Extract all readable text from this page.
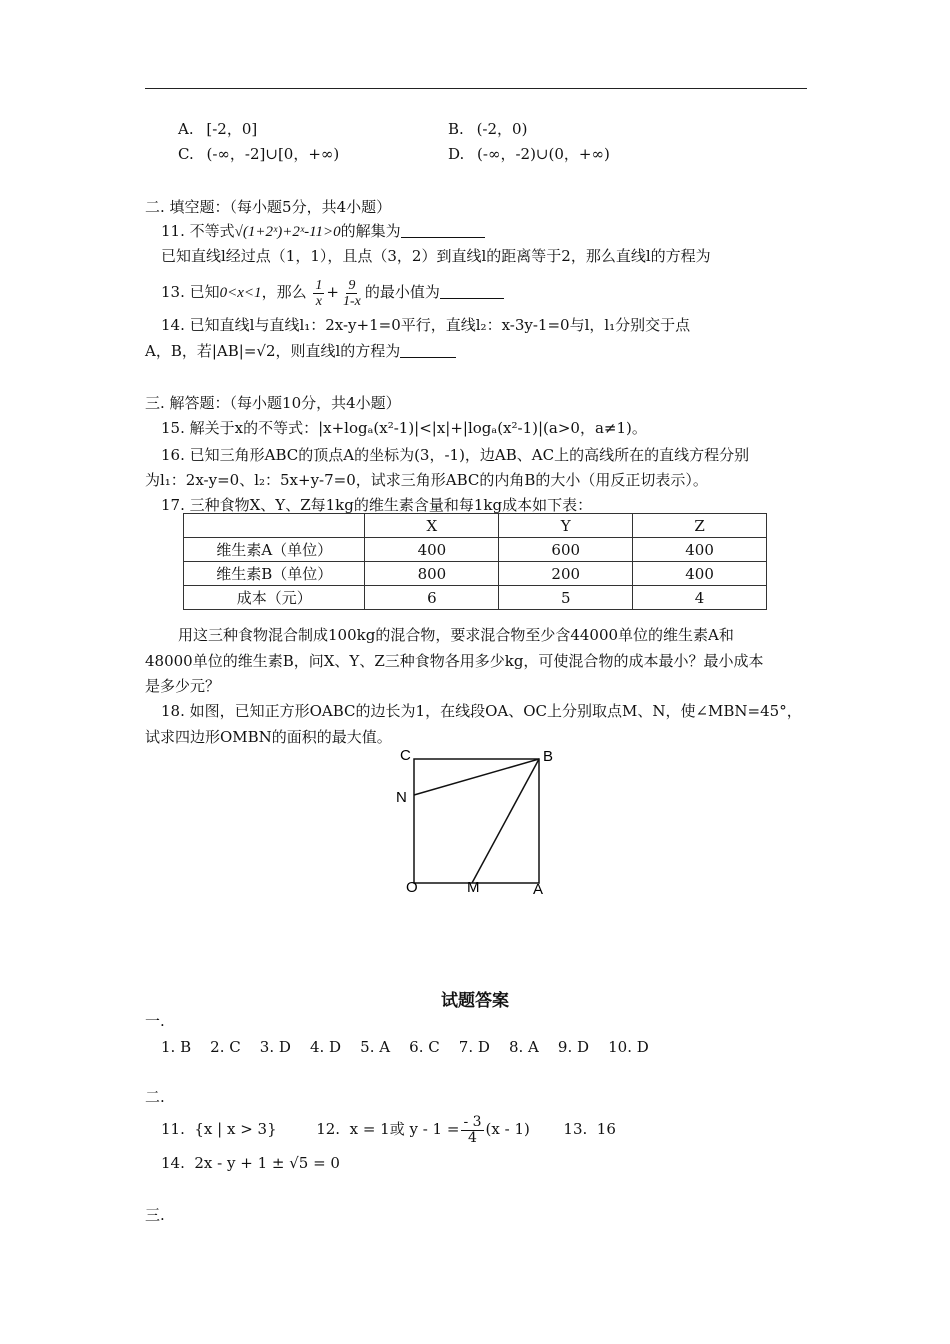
A. [-2，0]	B. (-2，0)
C. (-∞，-2]∪[0，+∞)	D. (-∞，-2)∪(0，+∞)
二. 填空题：（每小题5分，共4小题）
11. 不等式√(1+2ˣ)+2ˣ-11>0的解集为
已知直线l经过点（1，1），且点（3，2）到直线l的距离等于2，那么直线l的方程为
13. 已知0<x<1，那么 $\frac{1}{x} + \frac{9}{1-x}$ 的最小值为
14. 已知直线l与直线l₁：2x-y+1=0平行，直线l₂：x-3y-1=0与l，l₁分别交于点
A，B，若|AB|=√2，则直线l的方程为
三. 解答题：（每小题10分，共4小题）
15. 解关于x的不等式：|x+logₐ(x²-1)|<|x|+|logₐ(x²-1)|(a>0，a≠1)。
16. 已知三角形ABC的顶点A的坐标为(3，-1)，边AB、AC上的高线所在的直线方程分别
为l₁：2x-y=0、l₂：5x+y-7=0，试求三角形ABC的内角B的大小（用反正切表示）。
17. 三种食物X、Y、Z每1kg的维生素含量和每1kg成本如下表：
	X	Y	Z
维生素A（单位）	400	600	400
维生素B（单位）	800	200	400
成本（元）	6	5	4
用这三种食物混合制成100kg的混合物，要求混合物至少含44000单位的维生素A和
48000单位的维生素B，问X、Y、Z三种食物各用多少kg，可使混合物的成本最小？最小成本
是多少元？
18. 如图，已知正方形OABC的边长为1，在线段OA、OC上分别取点M、N，使∠MBN=45°，
试求四边形OMBN的面积的最大值。
C	B
N
O	M	A
试题答案
一.
1. B    2. C    3. D    4. D    5. A    6. C    7. D    8. A    9. D    10. D
二.
11.  {x | x > 3}	12.  x = 1或 $y - 1 = \frac{- 3}{4} (x - 1)$ 13.  16
14.  2x - y + 1 ± √5 = 0
三.
